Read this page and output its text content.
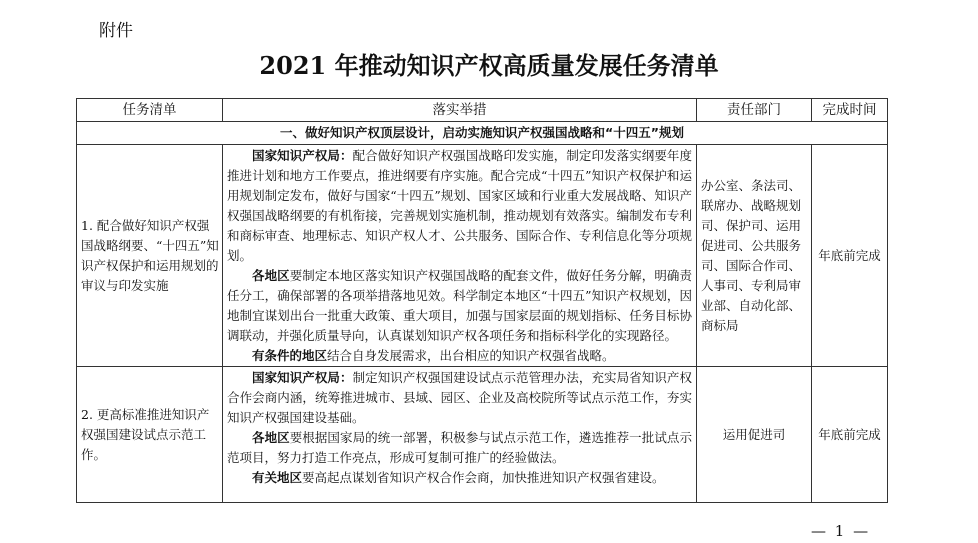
附件
2021 年推动知识产权高质量发展任务清单
任务清单	落实举措	责任部门	完成时间
一、做好知识产权顶层设计，启动实施知识产权强国战略和“十四五”规划			
1. 配合做好知识产权强国战略纲要、“十四五”知识产权保护和运用规划的审议与印发实施	国家知识产权局：配合做好知识产权强国战略印发实施，制定印发落实纲要年度推进计划和地方工作要点，推进纲要有序实施。配合完成“十四五”知识产权保护和运用规划制定发布，做好与国家“十四五”规划、国家区域和行业重大发展战略、知识产权强国战略纲要的有机衔接，完善规划实施机制，推动规划有效落实。编制发布专利和商标审查、地理标志、知识产权人才、公共服务、国际合作、专利信息化等分项规划。

各地区要制定本地区落实知识产权强国战略的配套文件，做好任务分解，明确责任分工，确保部署的各项举措落地见效。科学制定本地区“十四五”知识产权规划，因地制宜谋划出台一批重大政策、重大项目，加强与国家层面的规划指标、任务目标协调联动，并强化质量导向，认真谋划知识产权各项任务和指标科学化的实现路径。

有条件的地区结合自身发展需求，出台相应的知识产权强省战略。	办公室、条法司、联席办、战略规划司、保护司、运用促进司、公共服务司、国际合作司、人事司、专利局审业部、自动化部、商标局	年底前完成
2. 更高标准推进知识产权强国建设试点示范工作。	国家知识产权局：制定知识产权强国建设试点示范管理办法，充实局省知识产权合作会商内涵，统筹推进城市、县域、园区、企业及高校院所等试点示范工作，夯实知识产权强国建设基础。

各地区要根据国家局的统一部署，积极参与试点示范工作，遴选推荐一批试点示范项目，努力打造工作亮点，形成可复制可推广的经验做法。

有关地区要高起点谋划省知识产权合作会商，加快推进知识产权强省建设。	运用促进司	年底前完成
— 1 —
